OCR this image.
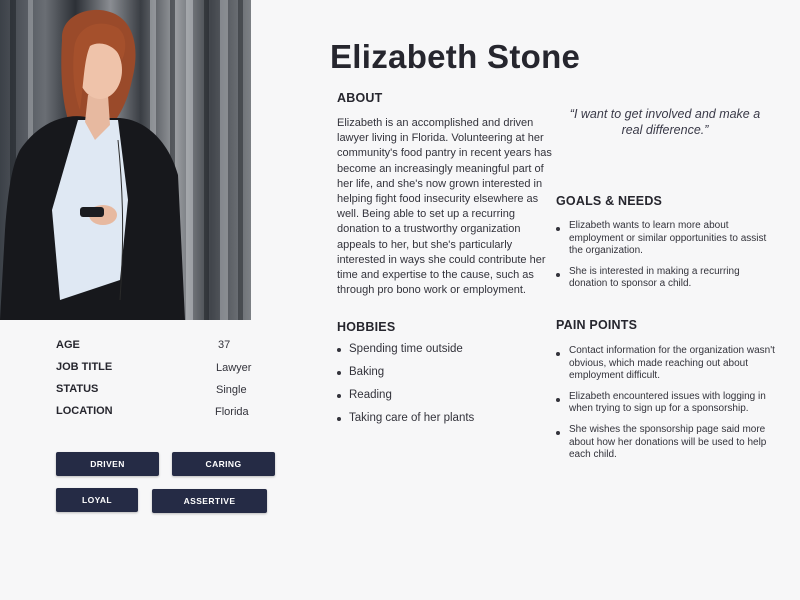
Elizabeth Stone
ABOUT
Elizabeth is an accomplished and driven lawyer living in Florida. Volunteering at her community's food pantry in recent years has become an increasingly meaningful part of her life, and she's now grown interested in helping fight food insecurity elsewhere as well. Being able to set up a recurring donation to a trustworthy organization appeals to her, but she's particularly interested in ways she could contribute her time and expertise to the cause, such as through pro bono work or employment.
“I want to get involved and make a real difference.”
GOALS & NEEDS
Elizabeth wants to learn more about employment or similar opportunities to assist the organization.
She is interested in making a recurring donation to sponsor a child.
HOBBIES
Spending time outside
Baking
Reading
Taking care of her plants
PAIN POINTS
Contact information for the organization wasn't obvious, which made reaching out about employment difficult.
Elizabeth encountered issues with logging in when trying to sign up for a sponsorship.
She wishes the sponsorship page said more about how her donations will be used to help each child.
AGE	37
JOB TITLE	Lawyer
STATUS	Single
LOCATION	Florida
DRIVEN	CARING
LOYAL	ASSERTIVE
